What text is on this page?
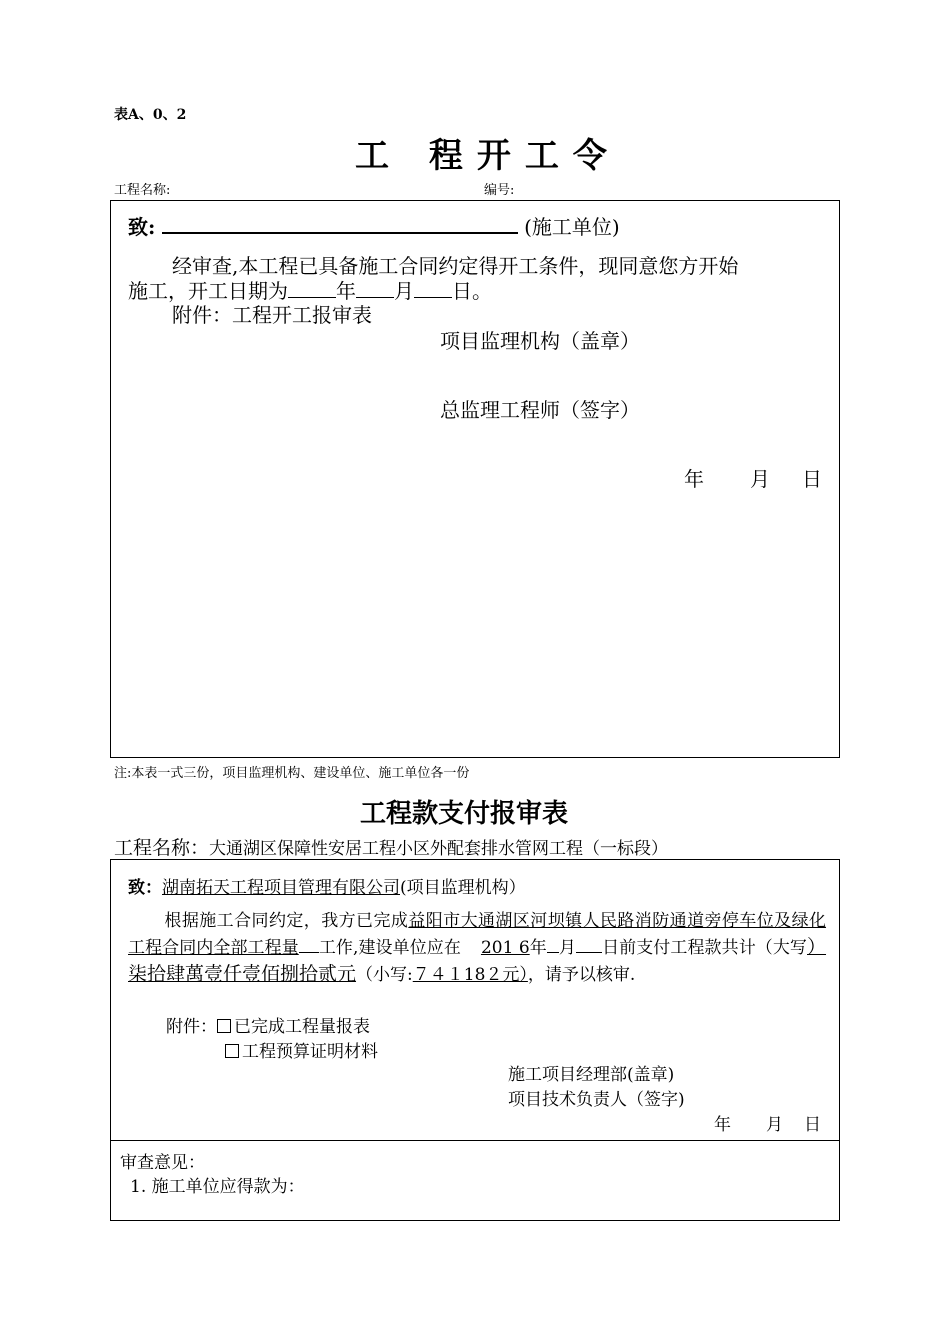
表A、0、2
工 程开工令
工程名称:	编号:
致:	(施工单位)
经审查,本工程已具备施工合同约定得开工条件，现同意您方开始
施工，开工日期为 年 月 日。
附件：工程开工报审表
项目监理机构（盖章）
总监理工程师（签字）
年 月 日
注:本表一式三份，项目监理机构、建设单位、施工单位各一份
工程款支付报审表
工程名称：大通湖区保障性安居工程小区外配套排水管网工程（一标段）
致：湖南拓天工程项目管理有限公司(项目监理机构）
根据施工合同约定，我方已完成益阳市大通湖区河坝镇人民路消防通道旁停车位及绿化工程合同内全部工程量 工作,建设单位应在 201 6年 月 日前支付工程款共计（大写）柒拾肆萬壹仟壹佰捌拾贰元（小写:７４１18２元），请予以核审.
附件： 已完成工程量报表
工程预算证明材料
施工项目经理部(盖章)
项目技术负责人（签字)
年 月 日
审查意见：
1. 施工单位应得款为：
